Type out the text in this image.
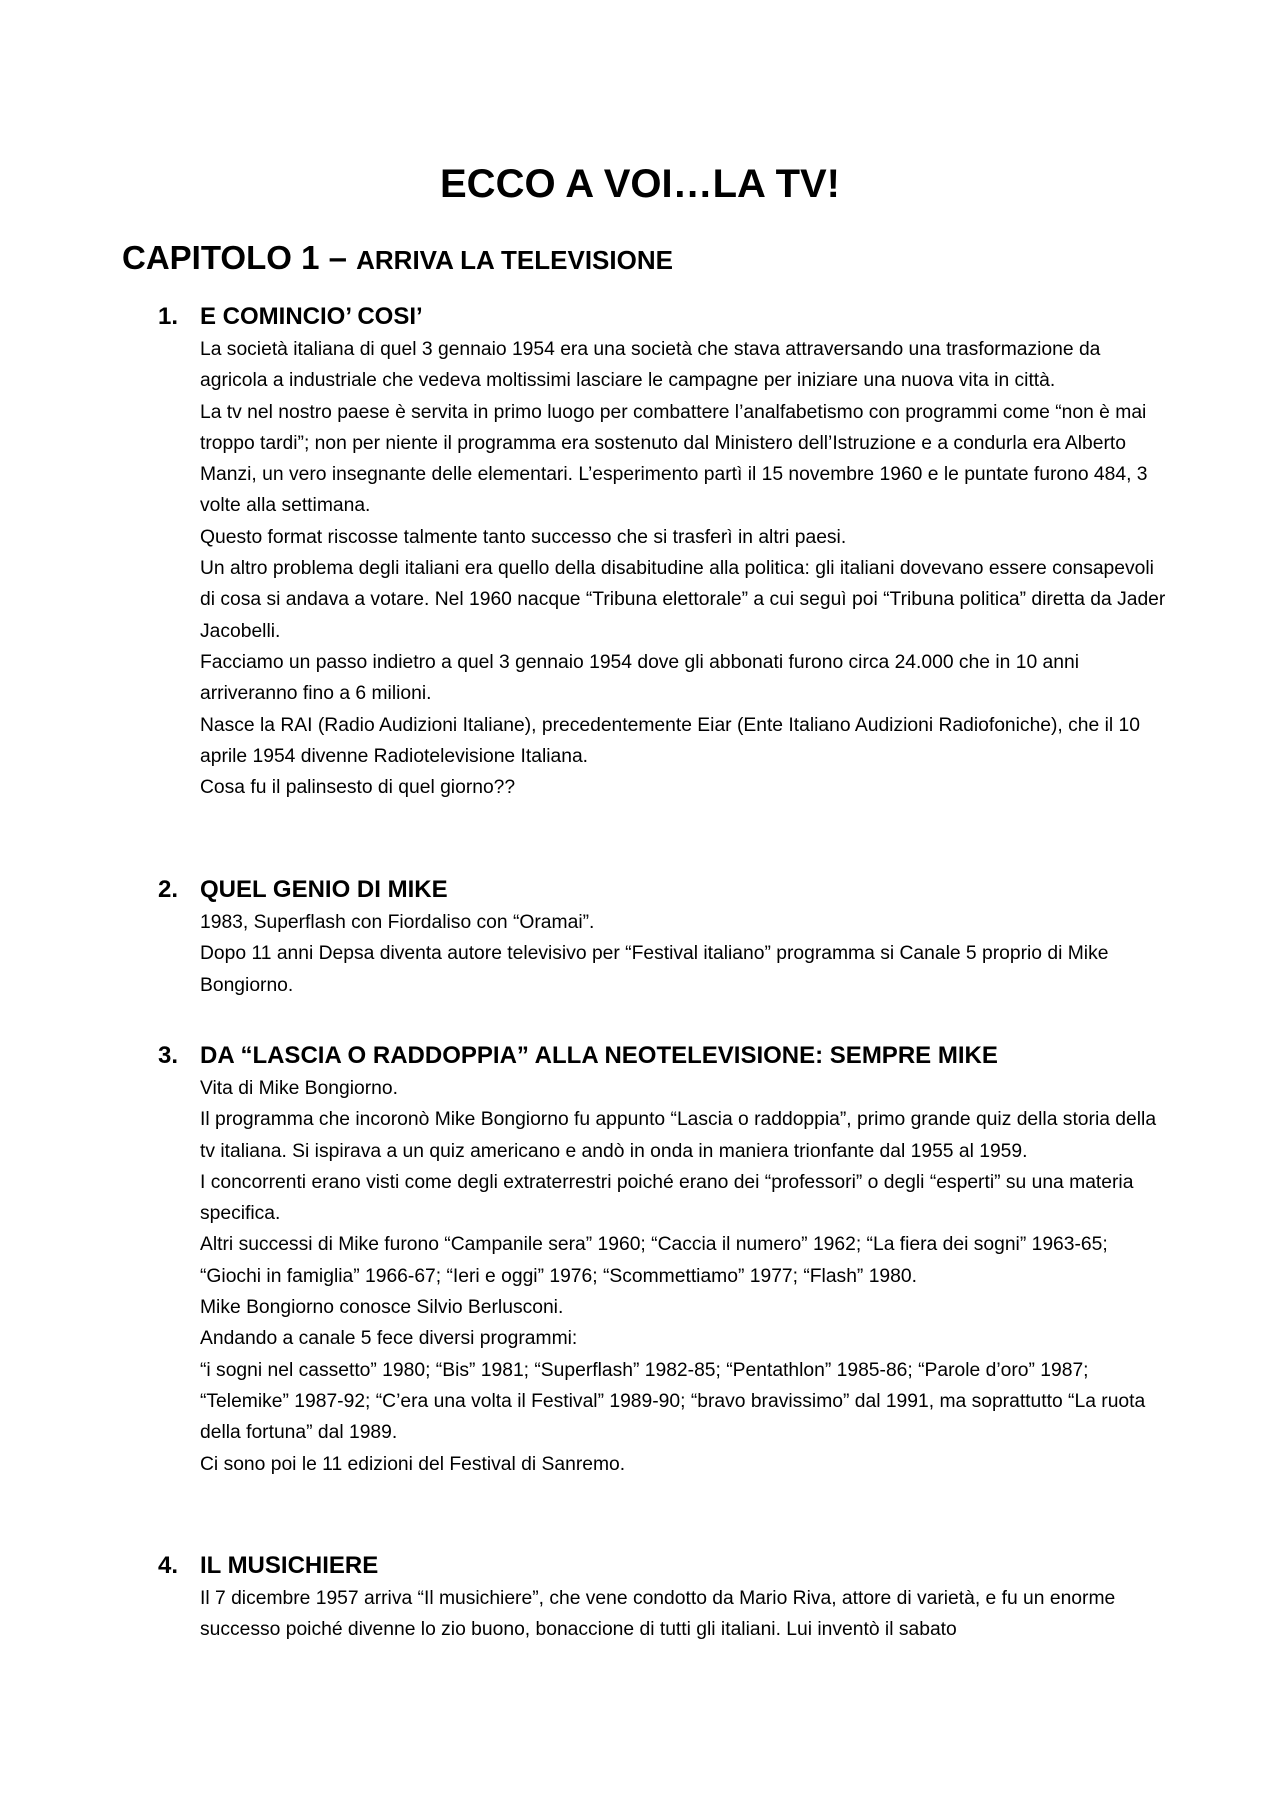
ECCO A VOI…LA TV!
CAPITOLO 1 – ARRIVA LA TELEVISIONE
1. E COMINCIO’ COSI’
La società italiana di quel 3 gennaio 1954 era una società che stava attraversando una trasformazione da agricola a industriale che vedeva moltissimi lasciare le campagne per iniziare una nuova vita in città.
La tv nel nostro paese è servita in primo luogo per combattere l’analfabetismo con programmi come “non è mai troppo tardi”; non per niente il programma era sostenuto dal Ministero dell’Istruzione e a condurla era Alberto Manzi, un vero insegnante delle elementari. L’esperimento partì il 15 novembre 1960 e le puntate furono 484, 3 volte alla settimana.
Questo format riscosse talmente tanto successo che si trasferì in altri paesi.
Un altro problema degli italiani era quello della disabitudine alla politica: gli italiani dovevano essere consapevoli di cosa si andava a votare. Nel 1960 nacque “Tribuna elettorale” a cui seguì poi “Tribuna politica” diretta da Jader Jacobelli.
Facciamo un passo indietro a quel 3 gennaio 1954 dove gli abbonati furono circa 24.000 che in 10 anni arriveranno fino a 6 milioni.
Nasce la RAI (Radio Audizioni Italiane), precedentemente Eiar (Ente Italiano Audizioni Radiofoniche), che il 10 aprile 1954 divenne Radiotelevisione Italiana.
Cosa fu il palinsesto di quel giorno??
2. QUEL GENIO DI MIKE
1983, Superflash con Fiordaliso con “Oramai”.
Dopo 11 anni Depsa diventa autore televisivo per “Festival italiano” programma si Canale 5 proprio di Mike Bongiorno.
3. DA “LASCIA O RADDOPPIA” ALLA NEOTELEVISIONE: SEMPRE MIKE
Vita di Mike Bongiorno.
Il programma che incoronò Mike Bongiorno fu appunto “Lascia o raddoppia”, primo grande quiz della storia della tv italiana. Si ispirava a un quiz americano e andò in onda in maniera trionfante dal 1955 al 1959.
I concorrenti erano visti come degli extraterrestri poiché erano dei “professori” o degli “esperti” su una materia specifica.
Altri successi di Mike furono “Campanile sera” 1960; “Caccia il numero” 1962; “La fiera dei sogni” 1963-65; “Giochi in famiglia” 1966-67; “Ieri e oggi” 1976; “Scommettiamo” 1977; “Flash” 1980.
Mike Bongiorno conosce Silvio Berlusconi.
Andando a canale 5 fece diversi programmi:
“i sogni nel cassetto” 1980; “Bis” 1981; “Superflash” 1982-85; “Pentathlon” 1985-86; “Parole d’oro” 1987; “Telemike” 1987-92; “C’era una volta il Festival” 1989-90; “bravo bravissimo” dal 1991, ma soprattutto “La ruota della fortuna” dal 1989.
Ci sono poi le 11 edizioni del Festival di Sanremo.
4. IL MUSICHIERE
Il 7 dicembre 1957 arriva “Il musichiere”, che vene condotto da Mario Riva, attore di varietà, e fu un enorme successo poiché divenne lo zio buono, bonaccione di tutti gli italiani. Lui inventò il sabato
